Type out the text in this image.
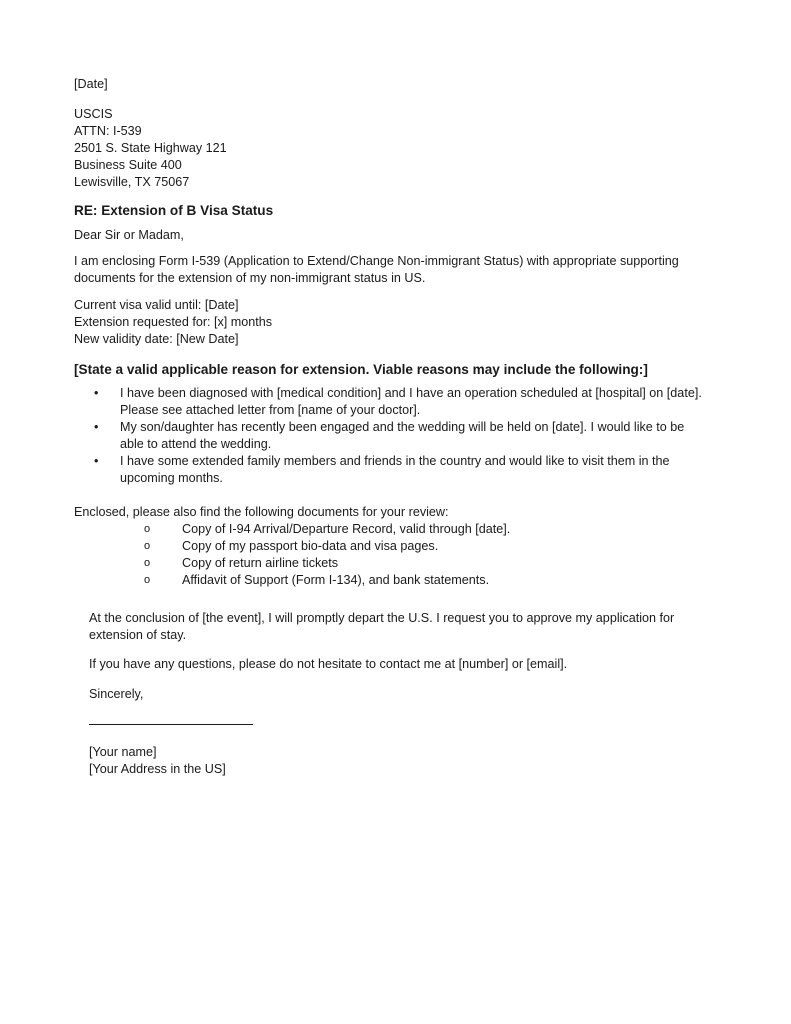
[Date]

USCIS

ATTN: I-539

2501 S. State Highway 121

Business Suite 400

Lewisville, TX 75067

RE: Extension of B Visa Status

Dear Sir or Madam,

I am enclosing Form I-539 (Application to Extend/Change Non-immigrant Status) with appropriate supporting

documents for the extension of my non-immigrant status in US.

Current visa valid until: [Date]

Extension requested for: [x] months

New validity date: [New Date]

[State a valid applicable reason for extension. Viable reasons may include the following:]

• I have been diagnosed with [medical condition] and I have an operation scheduled at [hospital] on [date].

Please see attached letter from [name of your doctor].

• My son/daughter has recently been engaged and the wedding will be held on [date]. I would like to be

able to attend the wedding.

• I have some extended family members and friends in the country and would like to visit them in the

upcoming months.

Enclosed, please also find the following documents for your review:

o	Copy of I-94 Arrival/Departure Record, valid through [date].
o	Copy of my passport bio-data and visa pages.
o	Copy of return airline tickets
o	Affidavit of Support (Form I-134), and bank statements.

At the conclusion of [the event], I will promptly depart the U.S. I request you to approve my application for

extension of stay.

If you have any questions, please do not hesitate to contact me at [number] or [email].

Sincerely,

[Your name]

[Your Address in the US]
